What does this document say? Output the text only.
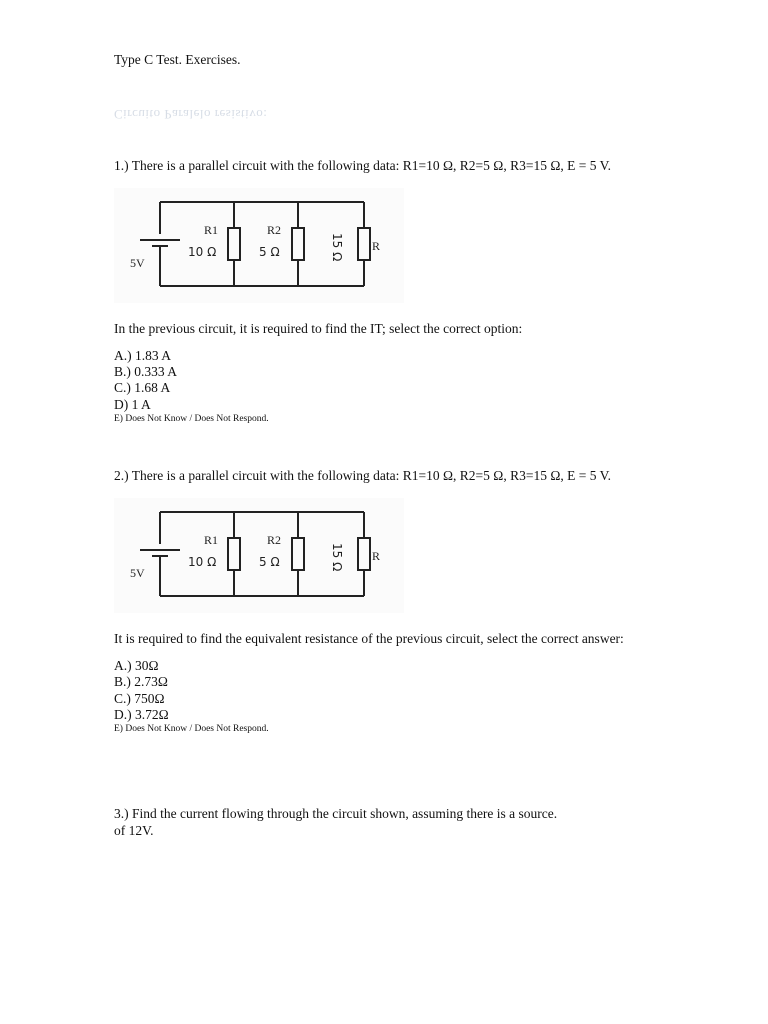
Type C Test. Exercises.
Circuito Paralelo resistivo:
1.) There is a parallel circuit with the following data: R1=10 Ω, R2=5 Ω, R3=15 Ω, E = 5 V.
5V
R1
10 Ω
R2
5 Ω	15 Ω R
In the previous circuit, it is required to find the IT; select the correct option:
A.) 1.83 A
B.) 0.333 A
C.) 1.68 A
D) 1 A
E) Does Not Know / Does Not Respond.
2.) There is a parallel circuit with the following data: R1=10 Ω, R2=5 Ω, R3=15 Ω, E = 5 V.
5V
R1
10 Ω
R2
5 Ω	15 Ω R
It is required to find the equivalent resistance of the previous circuit, select the correct answer:
A.) 30Ω
B.) 2.73Ω
C.) 750Ω
D.) 3.72Ω
E) Does Not Know / Does Not Respond.
3.) Find the current flowing through the circuit shown, assuming there is a source.
of 12V.
